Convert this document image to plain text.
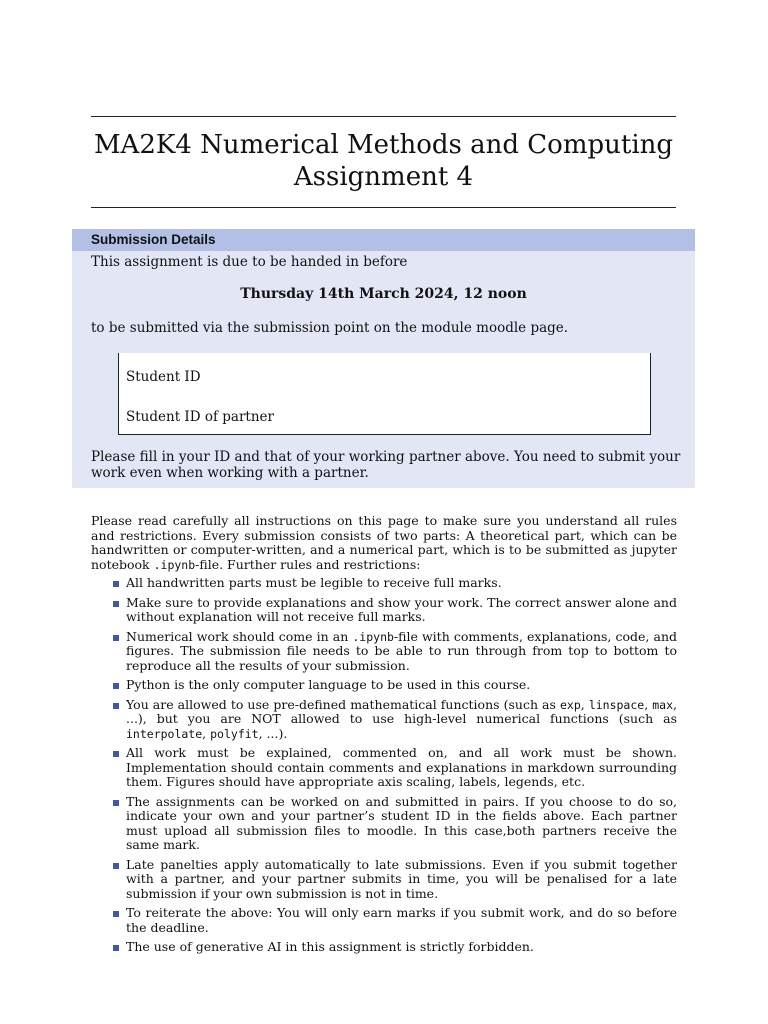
MA2K4 Numerical Methods and Computing
Assignment 4
Submission Details

This assignment is due to be handed in before

Thursday 14th March 2024, 12 noon

to be submitted via the submission point on the module moodle page.

Student ID
Student ID of partner

Please fill in your ID and that of your working partner above. You need to submit your work even when working with a partner.

Please read carefully all instructions on this page to make sure you understand all rules and restrictions. Every submission consists of two parts: A theoretical part, which can be handwritten or computer-written, and a numerical part, which is to be submitted as jupyter notebook .ipynb-file. Further rules and restrictions:

All handwritten parts must be legible to receive full marks.
Make sure to provide explanations and show your work. The correct answer alone and without explanation will not receive full marks.
Numerical work should come in an .ipynb-file with comments, explanations, code, and figures. The submission file needs to be able to run through from top to bottom to reproduce all the results of your submission.
Python is the only computer language to be used in this course.
You are allowed to use pre-defined mathematical functions (such as exp, linspace, max, ...), but you are NOT allowed to use high-level numerical functions (such as interpolate, polyfit, ...).
All work must be explained, commented on, and all work must be shown. Implementation should contain comments and explanations in markdown surrounding them. Figures should have appropriate axis scaling, labels, legends, etc.
The assignments can be worked on and submitted in pairs. If you choose to do so, indicate your own and your partner’s student ID in the fields above. Each partner must upload all submission files to moodle. In this case,both partners receive the same mark.
Late panelties apply automatically to late submissions. Even if you submit together with a partner, and your partner submits in time, you will be penalised for a late submission if your own submission is not in time.
To reiterate the above: You will only earn marks if you submit work, and do so before the deadline.
The use of generative AI in this assignment is strictly forbidden.
